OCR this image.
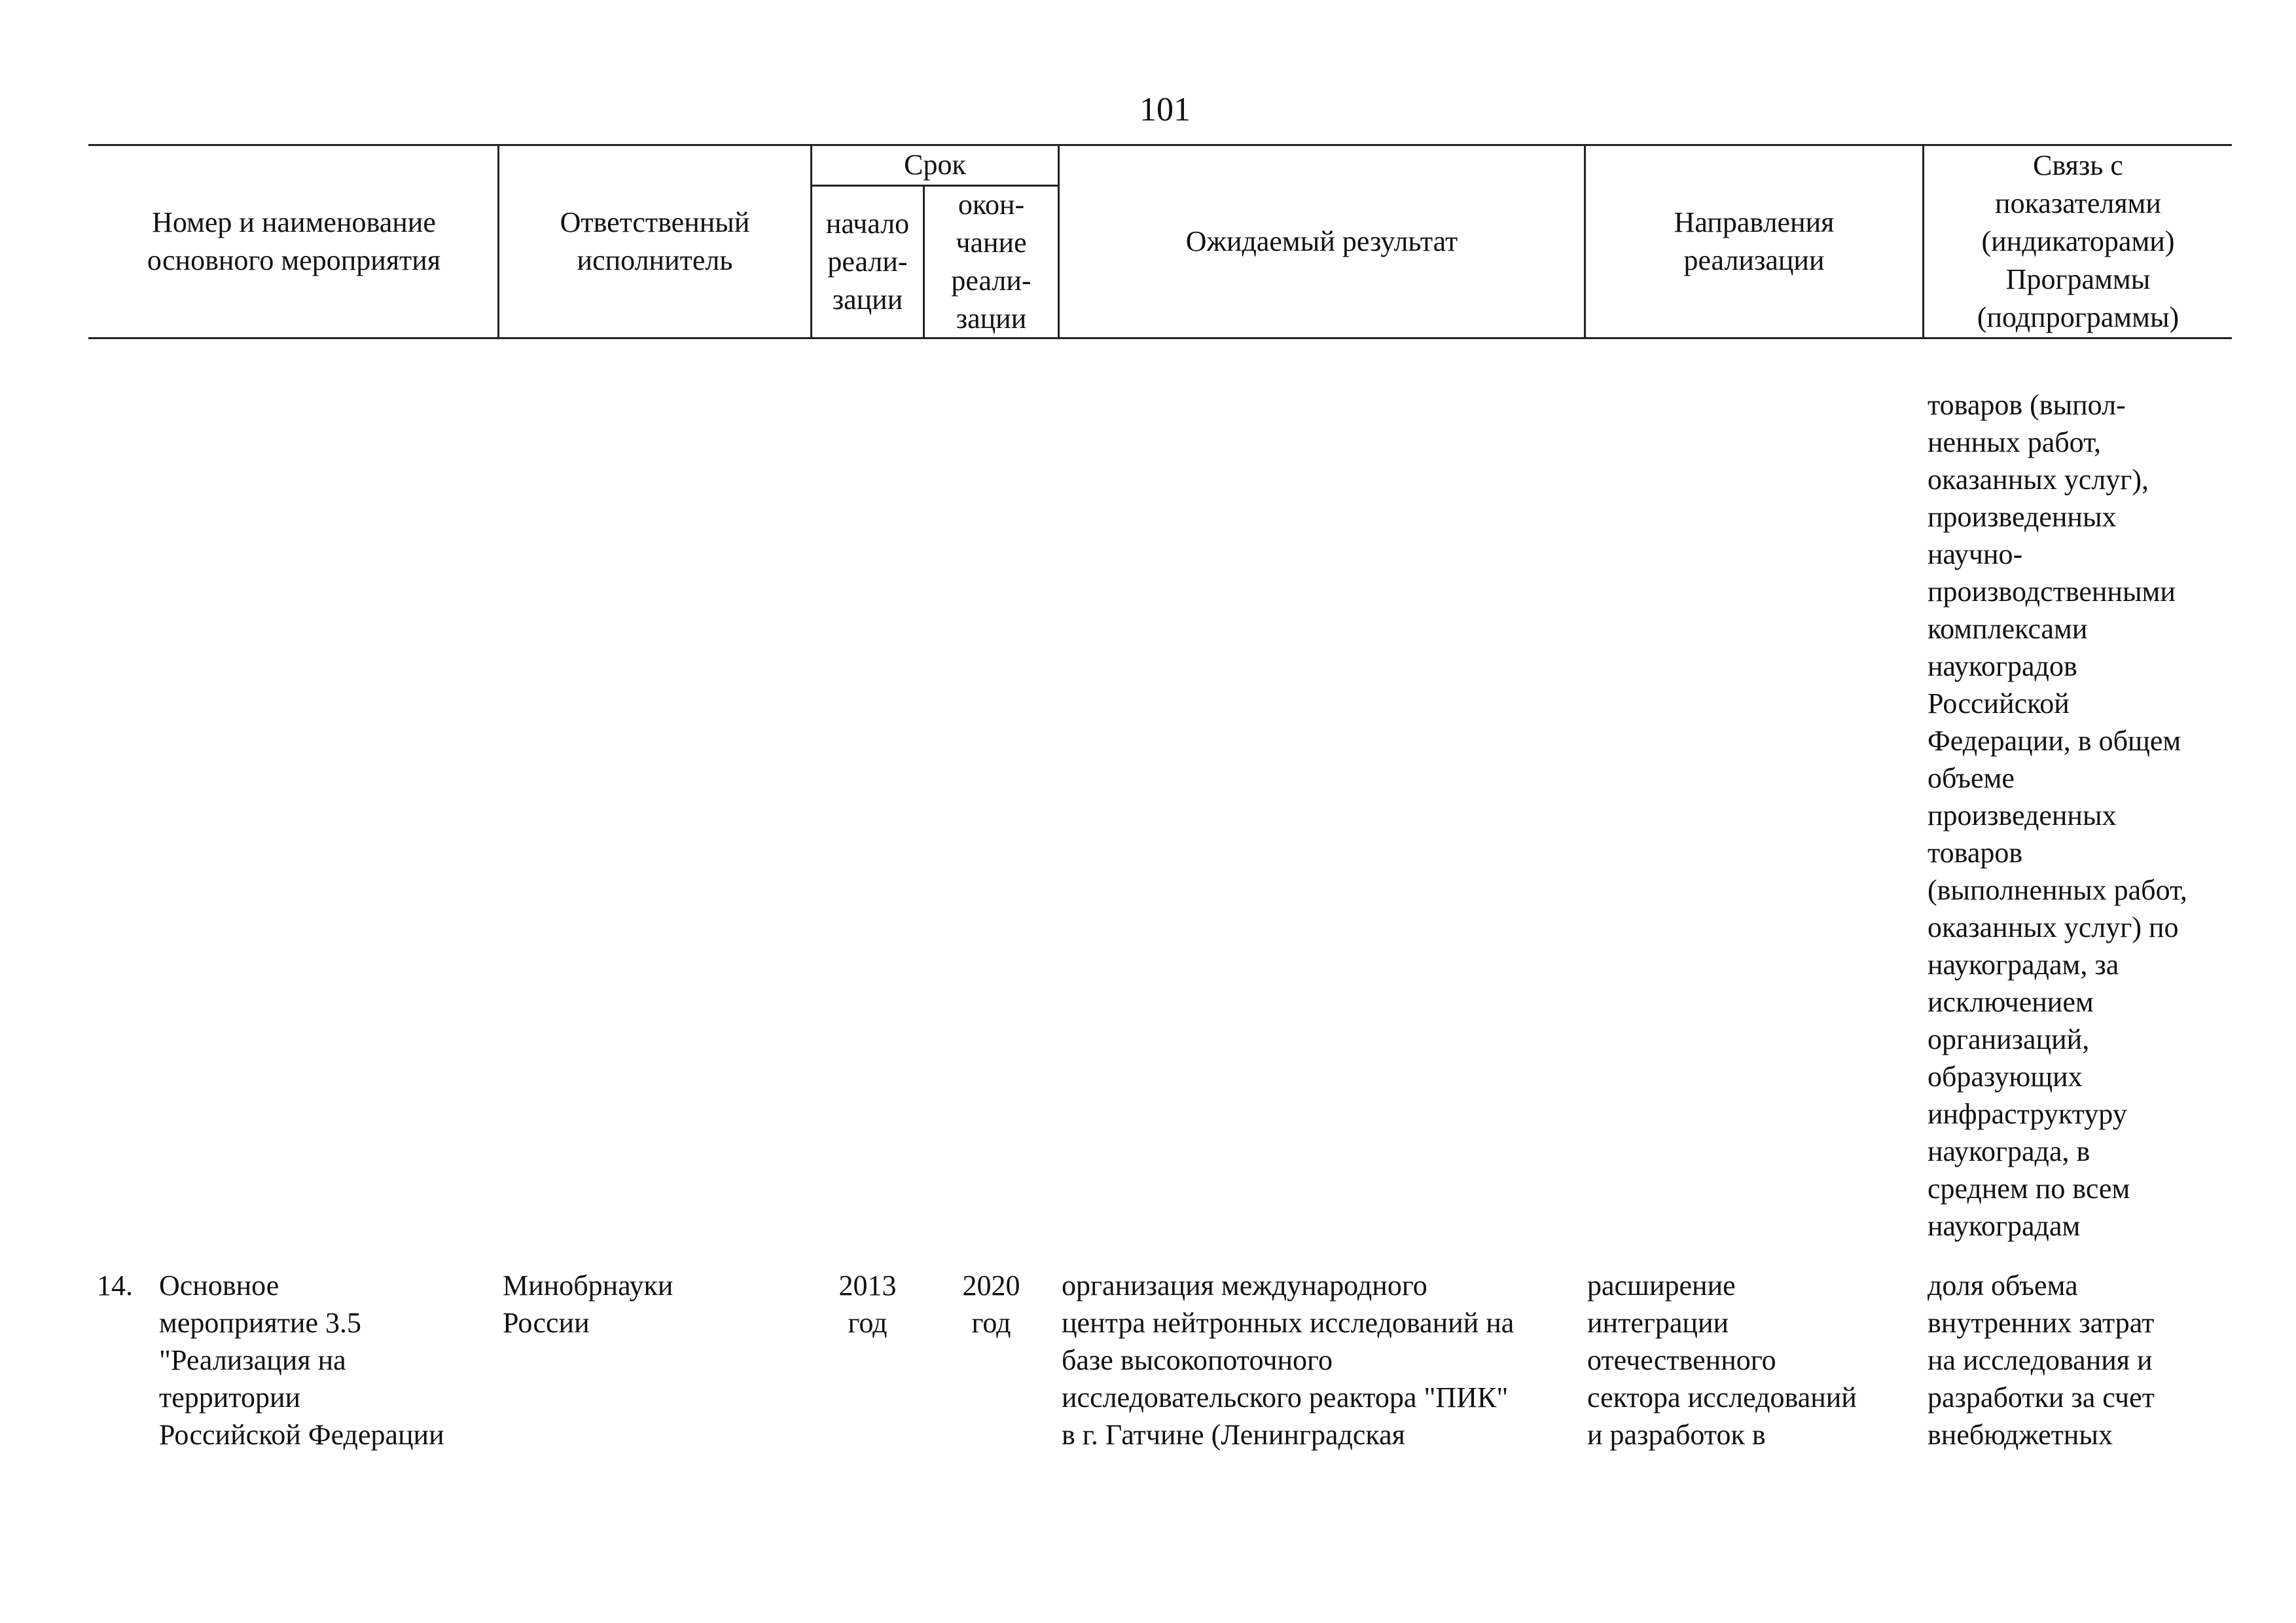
101
Номер и наименование
основного мероприятия
Ответственный
исполнитель
Срок
начало
реали-
зации
окон-
чание
реали-
зации
Ожидаемый результат
Направления
реализации
Связь с
показателями
(индикаторами)
Программы
(подпрограммы)
товаров (выпол-
ненных работ,
оказанных услуг),
произведенных
научно-
производственными
комплексами
наукоградов
Российской
Федерации, в общем
объеме
произведенных
товаров
(выполненных работ,
оказанных услуг) по
наукоградам, за
исключением
организаций,
образующих
инфраструктуру
наукограда, в
среднем по всем
наукоградам
14. Основное
мероприятие 3.5
"Реализация на
территории
Российской Федерации
Минобрнауки
России
2013
год
2020
год
организация международного
центра нейтронных исследований на
базе высокопоточного
исследовательского реактора "ПИК"
в г. Гатчине (Ленинградская
расширение
интеграции
отечественного
сектора исследований
и разработок в
доля объема
внутренних затрат
на исследования и
разработки за счет
внебюджетных
